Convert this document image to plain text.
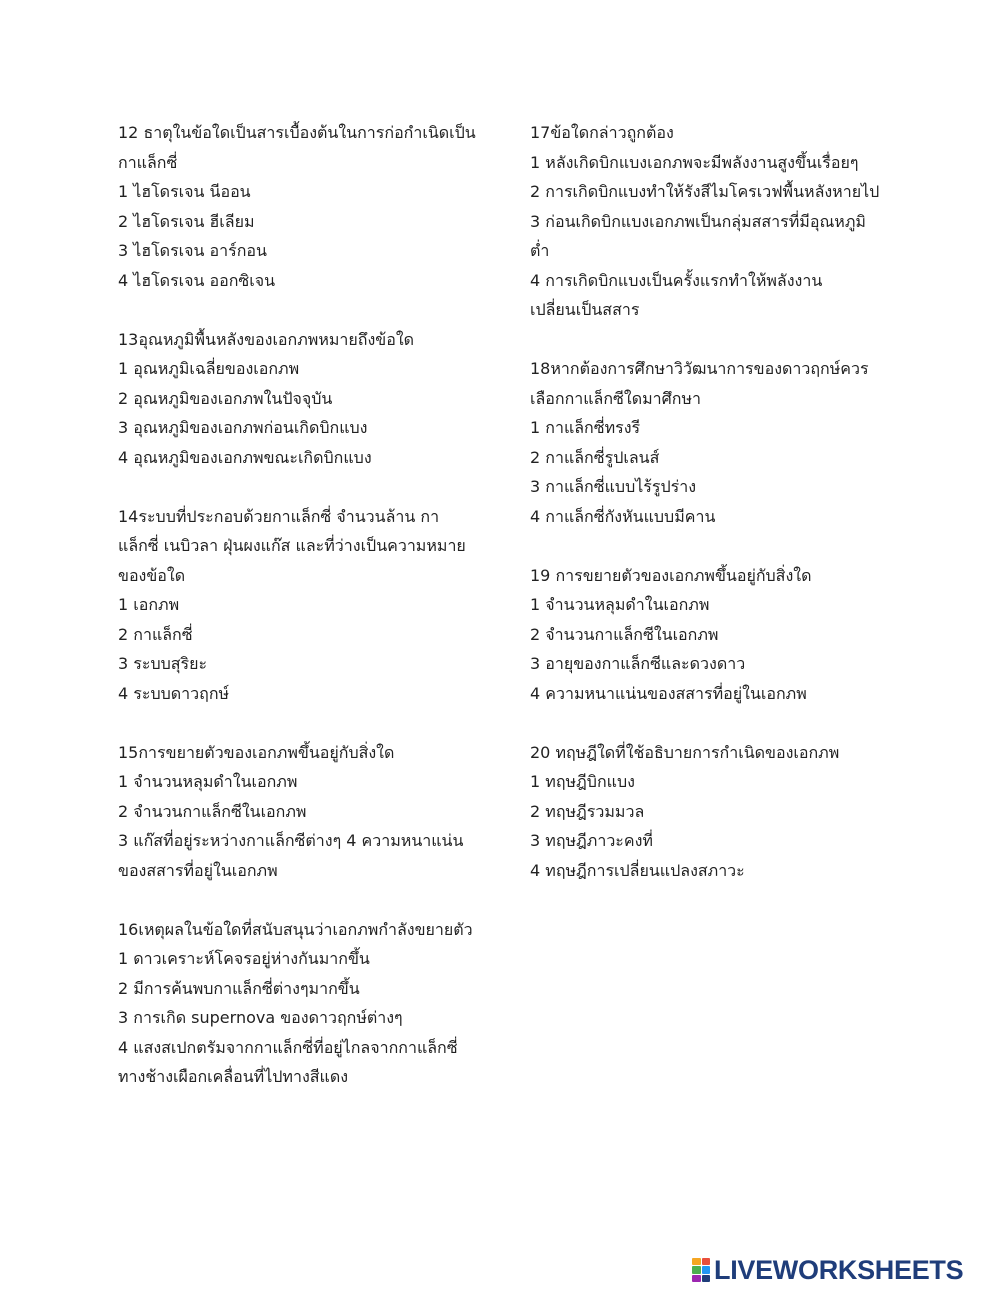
12 ธาตุในข้อใดเป็นสารเบื้องต้นในการก่อกำเนิดเป็น

กาแล็กซี่

1 ไฮโดรเจน นีออน

2 ไฮโดรเจน ฮีเลียม

3 ไฮโดรเจน อาร์กอน

4 ไฮโดรเจน ออกซิเจน

13อุณหภูมิพื้นหลังของเอกภพหมายถึงข้อใด

1 อุณหภูมิเฉลี่ยของเอกภพ

2 อุณหภูมิของเอกภพในปัจจุบัน

3 อุณหภูมิของเอกภพก่อนเกิดบิกแบง

4 อุณหภูมิของเอกภพขณะเกิดบิกแบง

14ระบบที่ประกอบด้วยกาแล็กซี่ จำนวนล้าน กา

แล็กซี่ เนบิวลา ฝุ่นผงแก๊ส และที่ว่างเป็นความหมาย

ของข้อใด

1 เอกภพ

2 กาแล็กซี่

3 ระบบสุริยะ

4 ระบบดาวฤกษ์

15การขยายตัวของเอกภพขึ้นอยู่กับสิ่งใด

1 จำนวนหลุมดำในเอกภพ

2 จำนวนกาแล็กซีในเอกภพ

3 แก๊สที่อยู่ระหว่างกาแล็กซีต่างๆ 4 ความหนาแน่น

ของสสารที่อยู่ในเอกภพ

16เหตุผลในข้อใดที่สนับสนุนว่าเอกภพกำลังขยายตัว

1 ดาวเคราะห์โคจรอยู่ห่างกันมากขึ้น

2 มีการค้นพบกาแล็กซี่ต่างๆมากขึ้น

3 การเกิด supernova ของดาวฤกษ์ต่างๆ

4 แสงสเปกตรัมจากกาแล็กซี่ที่อยู่ไกลจากกาแล็กซี่

ทางช้างเผือกเคลื่อนที่ไปทางสีแดง

17ข้อใดกล่าวถูกต้อง

1 หลังเกิดบิกแบงเอกภพจะมีพลังงานสูงขึ้นเรื่อยๆ

2 การเกิดบิกแบงทำให้รังสีไมโครเวฟพื้นหลังหายไป

3 ก่อนเกิดบิกแบงเอกภพเป็นกลุ่มสสารที่มีอุณหภูมิ

ต่ำ

4 การเกิดบิกแบงเป็นครั้งแรกทำให้พลังงาน

เปลี่ยนเป็นสสาร

18หากต้องการศึกษาวิวัฒนาการของดาวฤกษ์ควร

เลือกกาแล็กซีใดมาศึกษา

1 กาแล็กซี่ทรงรี

2 กาแล็กซี่รูปเลนส์

3 กาแล็กซี่แบบไร้รูปร่าง

4 กาแล็กซี่กังหันแบบมีคาน

19 การขยายตัวของเอกภพขึ้นอยู่กับสิ่งใด

1 จำนวนหลุมดำในเอกภพ

2 จำนวนกาแล็กซีในเอกภพ

3 อายุของกาแล็กซีและดวงดาว

4 ความหนาแน่นของสสารที่อยู่ในเอกภพ

20 ทฤษฎีใดที่ใช้อธิบายการกำเนิดของเอกภพ

1 ทฤษฎีบิกแบง

2 ทฤษฎีรวมมวล

3 ทฤษฎีภาวะคงที่

4 ทฤษฎีการเปลี่ยนแปลงสภาวะ

LIVEWORKSHEETS
